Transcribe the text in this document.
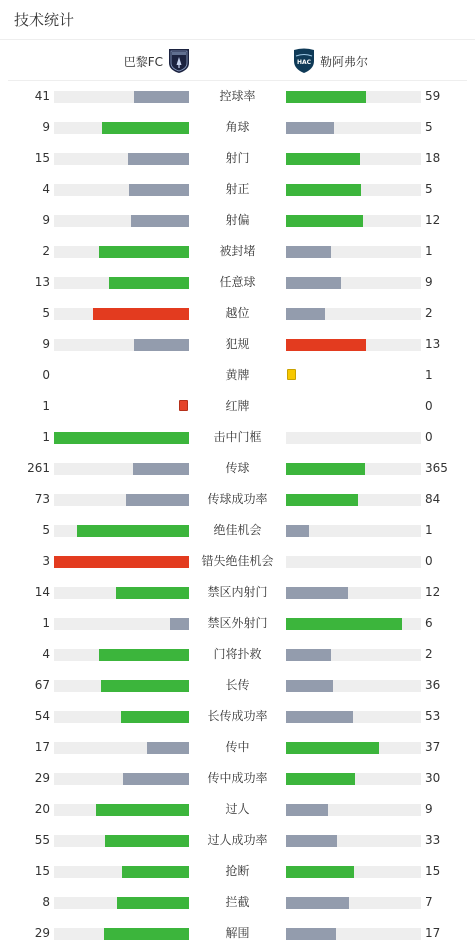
技术统计
巴黎FC	HAC 勒阿弗尔
41	控球率	59
9	角球	5
15	射门	18
4	射正	5
9	射偏	12
2	被封堵	1
13	任意球	9
5	越位	2
9	犯规	13
0	黄牌	1
1	红牌	0
1	击中门框	0
261	传球	365
73	传球成功率	84
5	绝佳机会	1
3	错失绝佳机会	0
14	禁区内射门	12
1	禁区外射门	6
4	门将扑救	2
67	长传	36
54	长传成功率	53
17	传中	37
29	传中成功率	30
20	过人	9
55	过人成功率	33
15	抢断	15
8	拦截	7
29	解围	17
